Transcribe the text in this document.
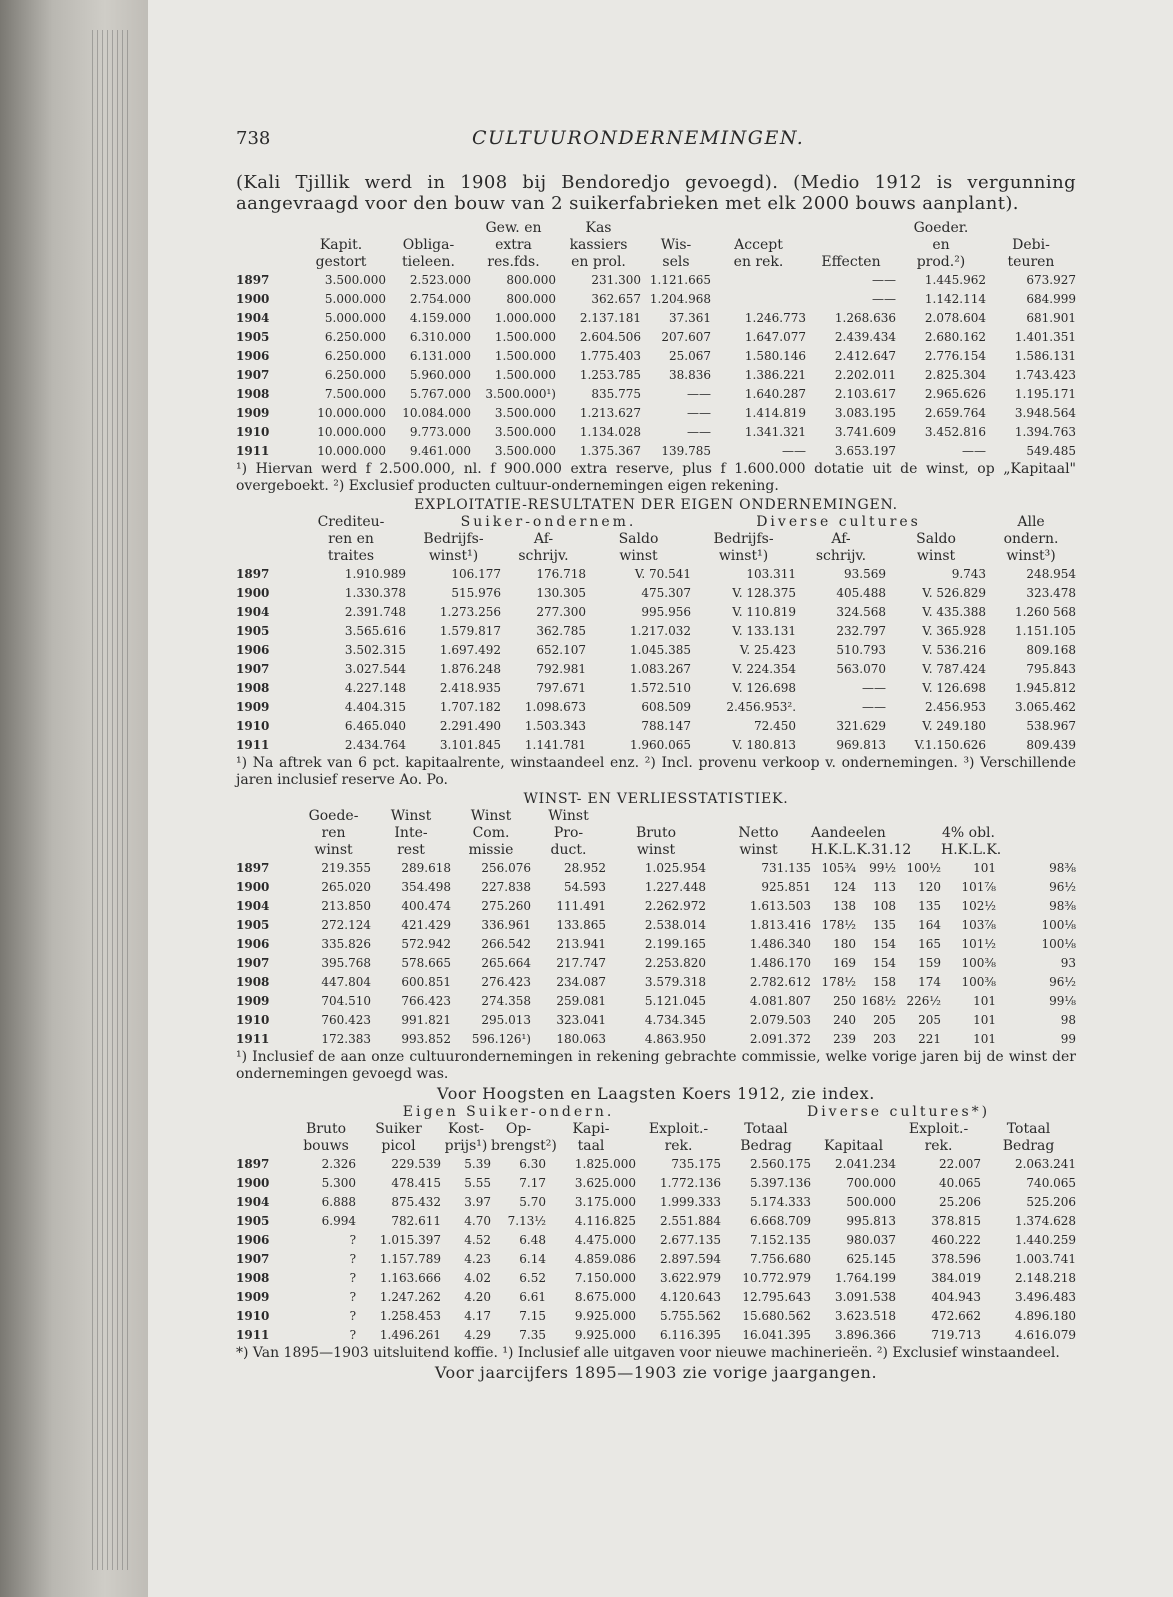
738	CULTUURONDERNEMINGEN.
(Kali Tjillik werd in 1908 bij Bendoredjo gevoegd). (Medio 1912 is vergunning aangevraagd voor den bouw van 2 suikerfabrieken met elk 2000 bouws aanplant).
			Gew. en	Kas				Goeder.	
	Kapit.	Obliga-	extra	kassiers	Wis-	Accept		en	Debi-
	gestort	tieleen.	res.fds.	en prol.	sels	en rek.	Effecten	prod.²)	teuren
1897	3.500.000	2.523.000	800.000	231.300	1.121.665		——	1.445.962	673.927
1900	5.000.000	2.754.000	800.000	362.657	1.204.968		——	1.142.114	684.999
1904	5.000.000	4.159.000	1.000.000	2.137.181	37.361	1.246.773	1.268.636	2.078.604	681.901
1905	6.250.000	6.310.000	1.500.000	2.604.506	207.607	1.647.077	2.439.434	2.680.162	1.401.351
1906	6.250.000	6.131.000	1.500.000	1.775.403	25.067	1.580.146	2.412.647	2.776.154	1.586.131
1907	6.250.000	5.960.000	1.500.000	1.253.785	38.836	1.386.221	2.202.011	2.825.304	1.743.423
1908	7.500.000	5.767.000	3.500.000¹)	835.775	——	1.640.287	2.103.617	2.965.626	1.195.171
1909	10.000.000	10.084.000	3.500.000	1.213.627	——	1.414.819	3.083.195	2.659.764	3.948.564
1910	10.000.000	9.773.000	3.500.000	1.134.028	——	1.341.321	3.741.609	3.452.816	1.394.763
1911	10.000.000	9.461.000	3.500.000	1.375.367	139.785	——	3.653.197	——	549.485
¹) Hiervan werd f 2.500.000, nl. f 900.000 extra reserve, plus f 1.600.000 dotatie uit de winst, op „Kapitaal" overgeboekt. ²) Exclusief producten cultuur-ondernemingen eigen rekening.
EXPLOITATIE-RESULTATEN DER EIGEN ONDERNEMINGEN.
	Crediteu-	Suiker-ondernem.			Diverse cultures			Alle
	ren en	Bedrijfs-	Af-	Saldo	Bedrijfs-	Af-	Saldo	ondern.
	traites	winst¹)	schrijv.	winst	winst¹)	schrijv.	winst	winst³)
1897	1.910.989	106.177	176.718	V. 70.541	103.311	93.569	9.743	248.954
1900	1.330.378	515.976	130.305	475.307	V. 128.375	405.488	V. 526.829	323.478
1904	2.391.748	1.273.256	277.300	995.956	V. 110.819	324.568	V. 435.388	1.260 568
1905	3.565.616	1.579.817	362.785	1.217.032	V. 133.131	232.797	V. 365.928	1.151.105
1906	3.502.315	1.697.492	652.107	1.045.385	V. 25.423	510.793	V. 536.216	809.168
1907	3.027.544	1.876.248	792.981	1.083.267	V. 224.354	563.070	V. 787.424	795.843
1908	4.227.148	2.418.935	797.671	1.572.510	V. 126.698	——	V. 126.698	1.945.812
1909	4.404.315	1.707.182	1.098.673	608.509	2.456.953².	——	2.456.953	3.065.462
1910	6.465.040	2.291.490	1.503.343	788.147	72.450	321.629	V. 249.180	538.967
1911	2.434.764	3.101.845	1.141.781	1.960.065	V. 180.813	969.813	V.1.150.626	809.439
¹) Na aftrek van 6 pct. kapitaalrente, winstaandeel enz. ²) Incl. provenu verkoop v. ondernemingen. ³) Verschillende jaren inclusief reserve Ao. Po.
WINST- EN VERLIESSTATISTIEK.
	Goede-	Winst	Winst	Winst							
	ren	Inte-	Com.	Pro-	Bruto	Netto	Aandeelen			4% obl.	
	winst	rest	missie	duct.	winst	winst	H.K.L.K.31.12			H.K.L.K.	
1897	219.355	289.618	256.076	28.952	1.025.954	731.135	105¾	99½	100½	101	98⅜
1900	265.020	354.498	227.838	54.593	1.227.448	925.851	124	113	120	101⅞	96½
1904	213.850	400.474	275.260	111.491	2.262.972	1.613.503	138	108	135	102½	98⅜
1905	272.124	421.429	336.961	133.865	2.538.014	1.813.416	178½	135	164	103⅞	100⅛
1906	335.826	572.942	266.542	213.941	2.199.165	1.486.340	180	154	165	101½	100⅛
1907	395.768	578.665	265.664	217.747	2.253.820	1.486.170	169	154	159	100⅜	93
1908	447.804	600.851	276.423	234.087	3.579.318	2.782.612	178½	158	174	100⅜	96½
1909	704.510	766.423	274.358	259.081	5.121.045	4.081.807	250	168½	226½	101	99⅛
1910	760.423	991.821	295.013	323.041	4.734.345	2.079.503	240	205	205	101	98
1911	172.383	993.852	596.126¹)	180.063	4.863.950	2.091.372	239	203	221	101	99
¹) Inclusief de aan onze cultuurondernemingen in rekening gebrachte commissie, welke vorige jaren bij de winst der ondernemingen gevoegd was.
Voor Hoogsten en Laagsten Koers 1912, zie index.
	Eigen Suiker-ondern.						Diverse cultures*)			
	Bruto	Suiker	Kost-	Op-	Kapi-	Exploit.-	Totaal		Exploit.-	Totaal
	bouws	picol	prijs¹)	brengst²)	taal	rek.	Bedrag	Kapitaal	rek.	Bedrag
1897	2.326	229.539	5.39	6.30	1.825.000	735.175	2.560.175	2.041.234	22.007	2.063.241
1900	5.300	478.415	5.55	7.17	3.625.000	1.772.136	5.397.136	700.000	40.065	740.065
1904	6.888	875.432	3.97	5.70	3.175.000	1.999.333	5.174.333	500.000	25.206	525.206
1905	6.994	782.611	4.70	7.13½	4.116.825	2.551.884	6.668.709	995.813	378.815	1.374.628
1906	?	1.015.397	4.52	6.48	4.475.000	2.677.135	7.152.135	980.037	460.222	1.440.259
1907	?	1.157.789	4.23	6.14	4.859.086	2.897.594	7.756.680	625.145	378.596	1.003.741
1908	?	1.163.666	4.02	6.52	7.150.000	3.622.979	10.772.979	1.764.199	384.019	2.148.218
1909	?	1.247.262	4.20	6.61	8.675.000	4.120.643	12.795.643	3.091.538	404.943	3.496.483
1910	?	1.258.453	4.17	7.15	9.925.000	5.755.562	15.680.562	3.623.518	472.662	4.896.180
1911	?	1.496.261	4.29	7.35	9.925.000	6.116.395	16.041.395	3.896.366	719.713	4.616.079
*) Van 1895—1903 uitsluitend koffie. ¹) Inclusief alle uitgaven voor nieuwe machinerieën. ²) Exclusief winstaandeel.
Voor jaarcijfers 1895—1903 zie vorige jaargangen.
